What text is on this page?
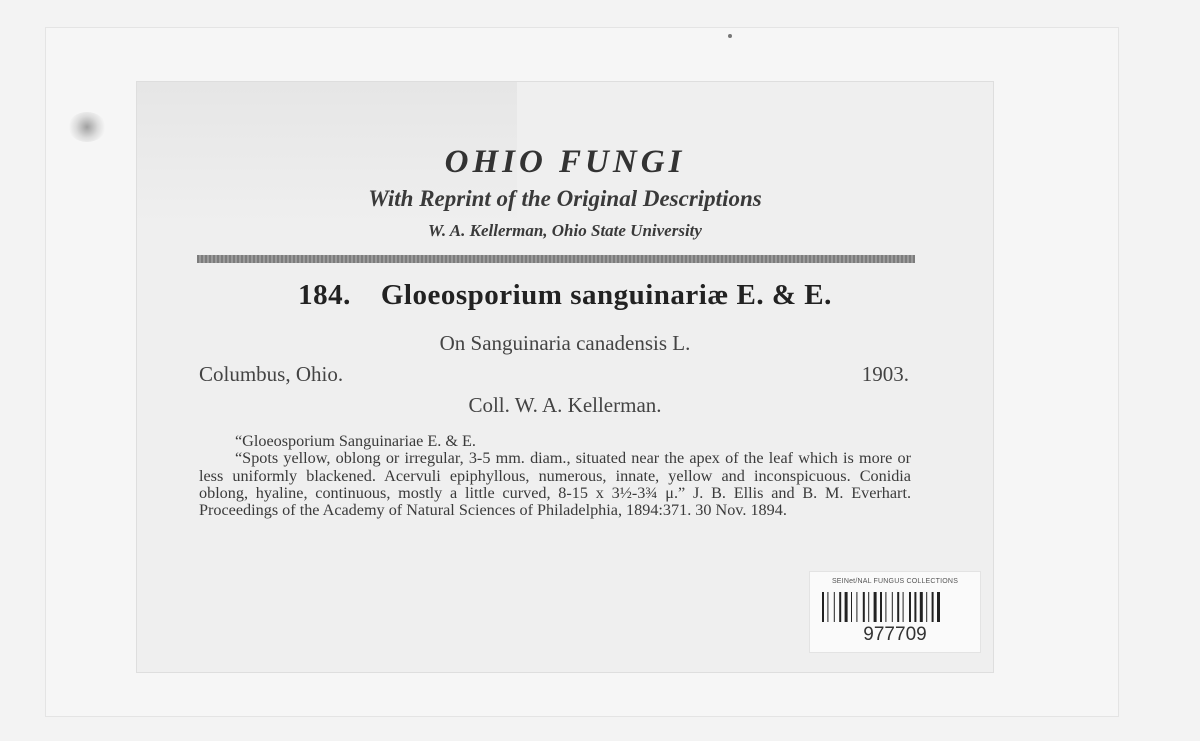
OHIO FUNGI
With Reprint of the Original Descriptions
W. A. Kellerman, Ohio State University
184. Gloeosporium sanguinariæ E. & E.
On Sanguinaria canadensis L.
Columbus, Ohio.	1903.
Coll. W. A. Kellerman.

“Gloeosporium Sanguinariae E. & E.

“Spots yellow, oblong or irregular, 3-5 mm. diam., situated near the apex of the leaf which is more or less uniformly blackened. Acervuli epiphyllous, numerous, innate, yellow and inconspicuous. Conidia oblong, hyaline, continuous, mostly a little curved, 8-15 x 3½-3¾ μ.” J. B. Ellis and B. M. Everhart. Proceedings of the Academy of Natural Sciences of Philadelphia, 1894:371. 30 Nov. 1894.

SEINet/NAL FUNGUS COLLECTIONS
977709
